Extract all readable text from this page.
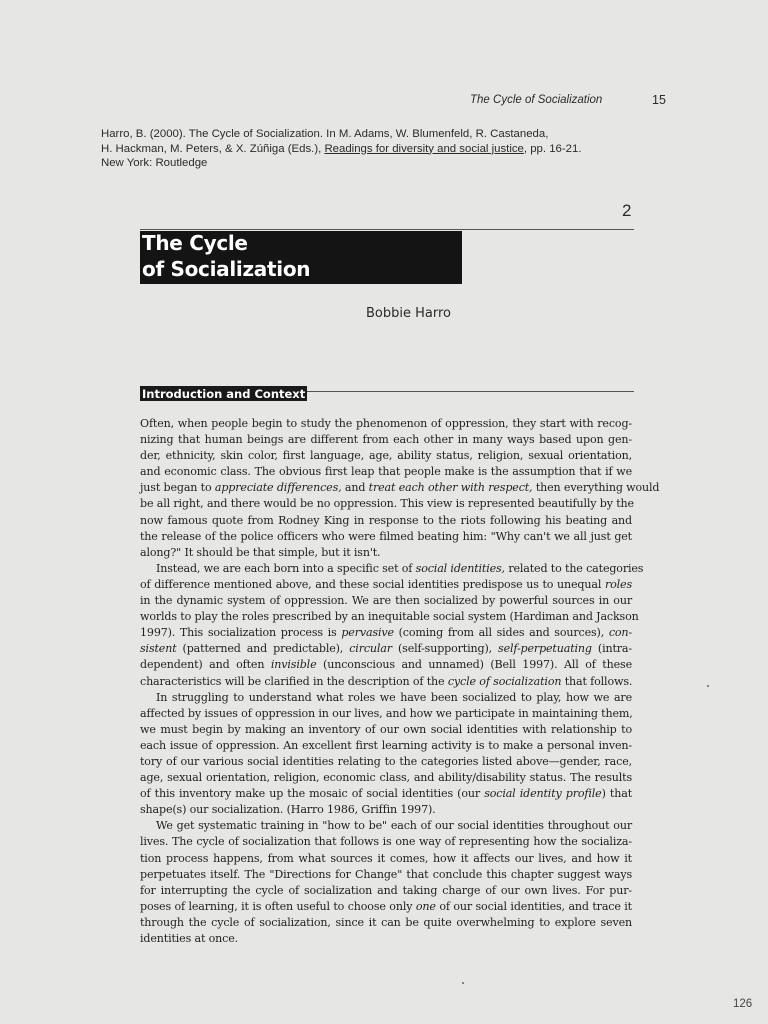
The Cycle of Socialization	15
Harro, B. (2000). The Cycle of Socialization. In M. Adams, W. Blumenfeld, R. Castaneda,
H. Hackman, M. Peters, & X. Zúñiga (Eds.), Readings for diversity and social justice, pp. 16-21.
New York: Routledge
2
The Cycle
of Socialization
Bobbie Harro
Introduction and Context
Often, when people begin to study the phenomenon of oppression, they start with recog-
nizing that human beings are different from each other in many ways based upon gen-
der, ethnicity, skin color, first language, age, ability status, religion, sexual orientation,
and economic class. The obvious first leap that people make is the assumption that if we
just began to appreciate differences, and treat each other with respect, then everything would
be all right, and there would be no oppression. This view is represented beautifully by the
now famous quote from Rodney King in response to the riots following his beating and
the release of the police officers who were filmed beating him: "Why can't we all just get
along?" It should be that simple, but it isn't.
Instead, we are each born into a specific set of social identities, related to the categories
of difference mentioned above, and these social identities predispose us to unequal roles
in the dynamic system of oppression. We are then socialized by powerful sources in our
worlds to play the roles prescribed by an inequitable social system (Hardiman and Jackson
1997). This socialization process is pervasive (coming from all sides and sources), con-
sistent (patterned and predictable), circular (self-supporting), self-perpetuating (intra-
dependent) and often invisible (unconscious and unnamed) (Bell 1997). All of these
characteristics will be clarified in the description of the cycle of socialization that follows.
In struggling to understand what roles we have been socialized to play, how we are
affected by issues of oppression in our lives, and how we participate in maintaining them,
we must begin by making an inventory of our own social identities with relationship to
each issue of oppression. An excellent first learning activity is to make a personal inven-
tory of our various social identities relating to the categories listed above—gender, race,
age, sexual orientation, religion, economic class, and ability/disability status. The results
of this inventory make up the mosaic of social identities (our social identity profile) that
shape(s) our socialization. (Harro 1986, Griffin 1997).
We get systematic training in "how to be" each of our social identities throughout our
lives. The cycle of socialization that follows is one way of representing how the socializa-
tion process happens, from what sources it comes, how it affects our lives, and how it
perpetuates itself. The "Directions for Change" that conclude this chapter suggest ways
for interrupting the cycle of socialization and taking charge of our own lives. For pur-
poses of learning, it is often useful to choose only one of our social identities, and trace it
through the cycle of socialization, since it can be quite overwhelming to explore seven
identities at once.
126
